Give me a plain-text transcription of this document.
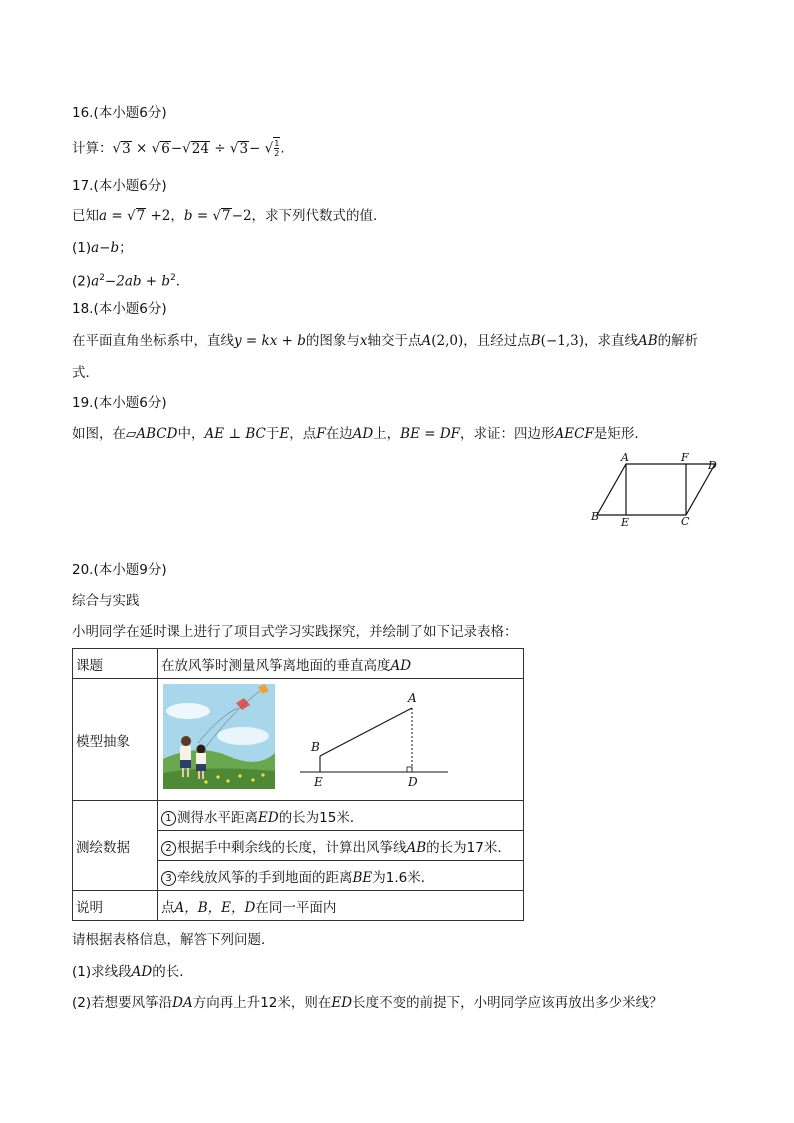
16.(本小题6分)
计算：√3 × √6−√24 ÷ √3− √ $\frac{1}{2}$ .
17.(本小题6分)
已知a = √7 +2，b = √7−2，求下列代数式的值．
(1)a−b；
$(2)a^2-2ab + b^2$．
18.(本小题6分)
在平面直角坐标系中，直线y = kx + b的图象与x轴交于点A(2,0)，且经过点B(−1,3)，求直线AB的解析
式．
19.(本小题6分)
如图，在▱ABCD中，AE ⊥ BC于E，点F在边AD上，BE = DF，求证：四边形AECF是矩形．
A	F
D
B E	C
20.(本小题9分)
综合与实践
小明同学在延时课上进行了项目式学习实践探究，并绘制了如下记录表格：
课题	在放风筝时测量风筝离地面的垂直高度AD
模型抽象	A
B
E D

测绘数据	1 测得水平距离ED的长为15米．
	2 根据手中剩余线的长度，计算出风筝线AB的长为17米．
	3 牵线放风筝的手到地面的距离BE为1.6米．
说明	点A，B，E，D在同一平面内
请根据表格信息，解答下列问题．
(1)求线段AD的长．
(2)若想要风筝沿DA方向再上升12米，则在ED长度不变的前提下，小明同学应该再放出多少米线？
